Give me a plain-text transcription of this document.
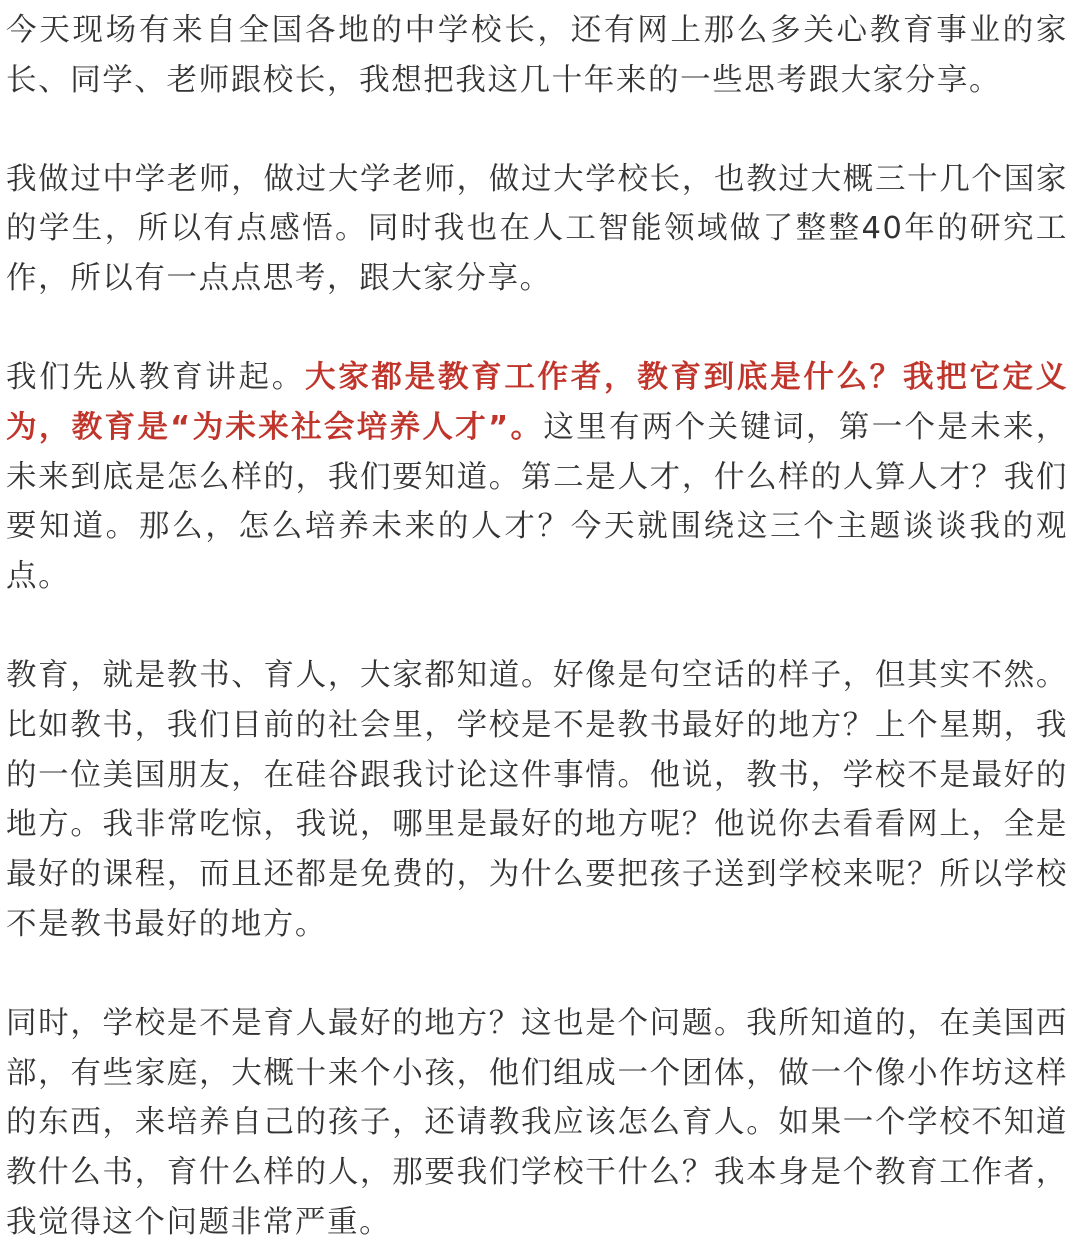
今天现场有来自全国各地的中学校长，还有网上那么多关心教育事业的家长、同学、老师跟校长，我想把我这几十年来的一些思考跟大家分享。

我做过中学老师，做过大学老师，做过大学校长，也教过大概三十几个国家的学生，所以有点感悟。同时我也在人工智能领域做了整整40年的研究工作，所以有一点点思考，跟大家分享。

我们先从教育讲起。大家都是教育工作者，教育到底是什么？我把它定义为，教育是“为未来社会培养人才”。这里有两个关键词，第一个是未来，未来到底是怎么样的，我们要知道。第二是人才，什么样的人算人才？我们要知道。那么，怎么培养未来的人才？今天就围绕这三个主题谈谈我的观点。

教育，就是教书、育人，大家都知道。好像是句空话的样子，但其实不然。比如教书，我们目前的社会里，学校是不是教书最好的地方？上个星期，我的一位美国朋友，在硅谷跟我讨论这件事情。他说，教书，学校不是最好的地方。我非常吃惊，我说，哪里是最好的地方呢？他说你去看看网上，全是最好的课程，而且还都是免费的，为什么要把孩子送到学校来呢？所以学校不是教书最好的地方。

同时，学校是不是育人最好的地方？这也是个问题。我所知道的，在美国西部，有些家庭，大概十来个小孩，他们组成一个团体，做一个像小作坊这样的东西，来培养自己的孩子，还请教我应该怎么育人。如果一个学校不知道教什么书，育什么样的人，那要我们学校干什么？我本身是个教育工作者，我觉得这个问题非常严重。
